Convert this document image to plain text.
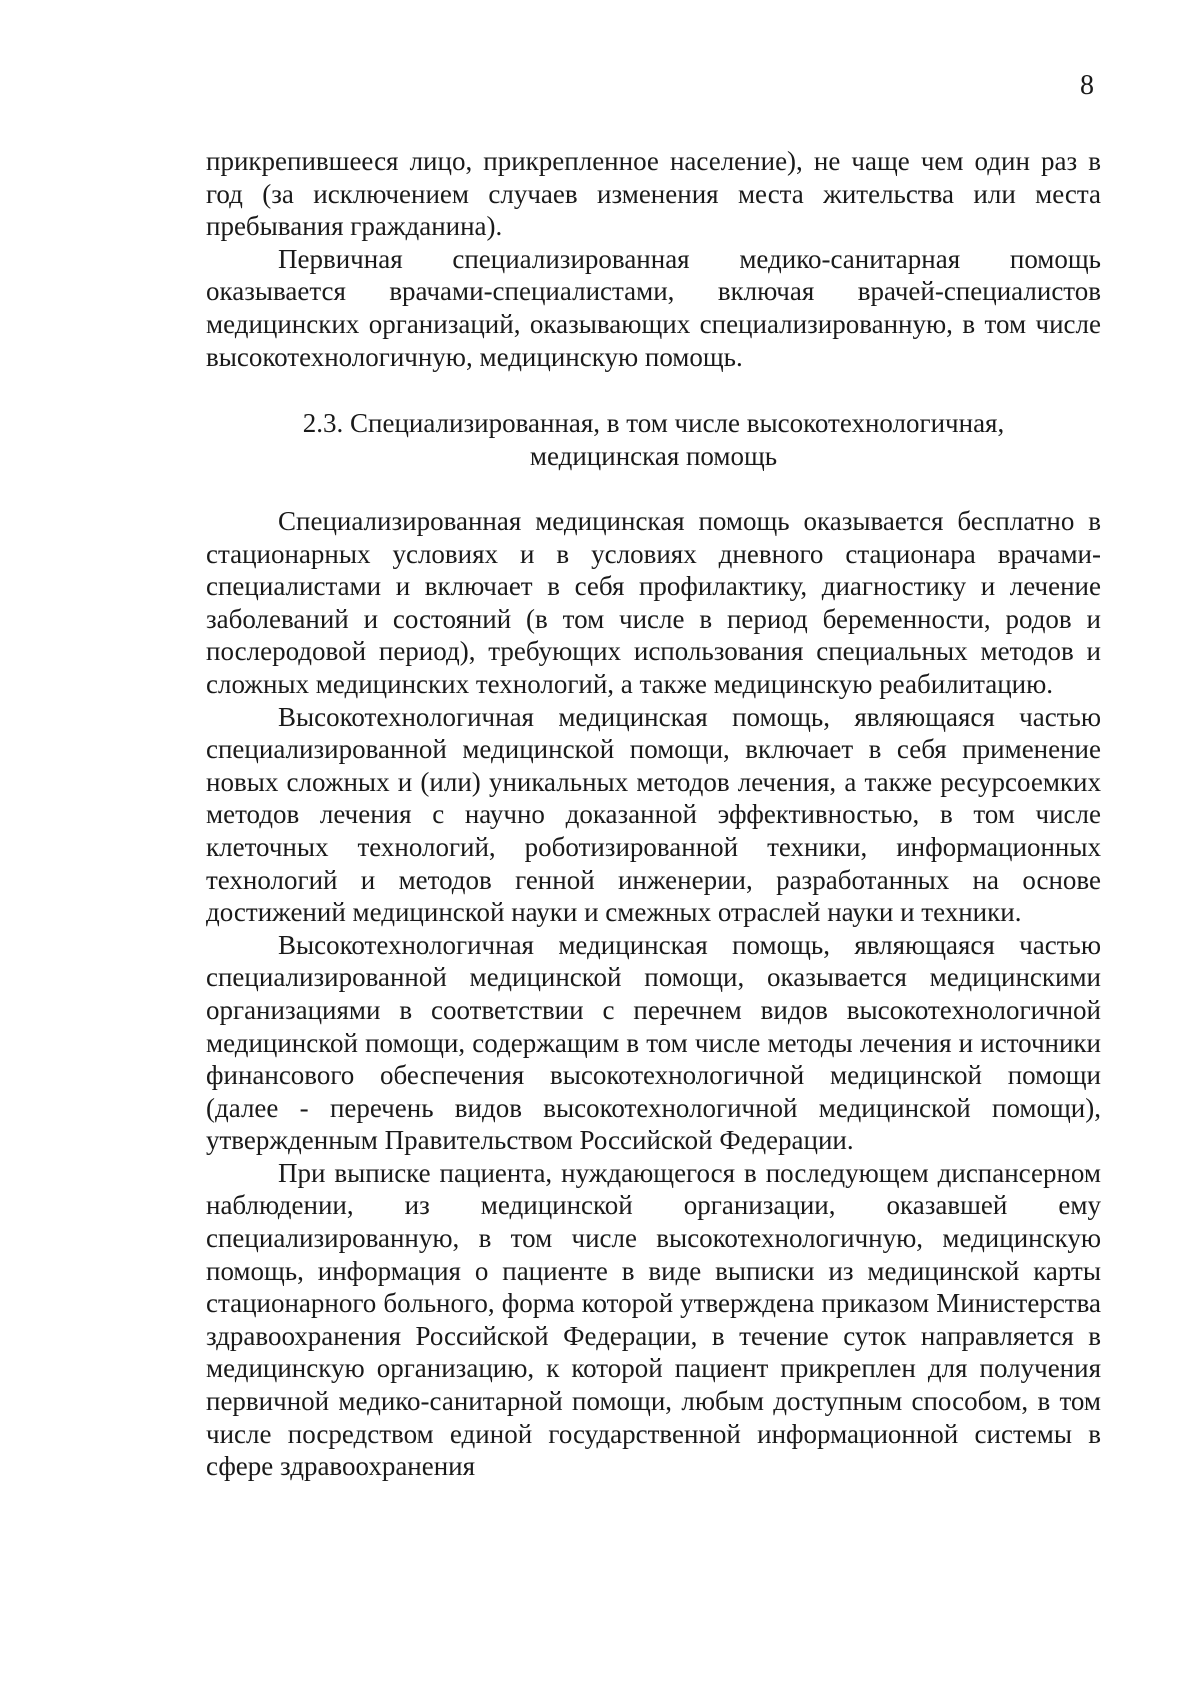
8

прикрепившееся лицо, прикрепленное население), не чаще чем один раз в год (за исключением случаев изменения места жительства или места пребывания гражданина).

Первичная специализированная медико-санитарная помощь оказывается врачами-специалистами, включая врачей-специалистов медицинских организаций, оказывающих специализированную, в том числе высокотехнологичную, медицинскую помощь.

2.3. Специализированная, в том числе высокотехнологичная,
медицинская помощь

Специализированная медицинская помощь оказывается бесплатно в стационарных условиях и в условиях дневного стационара врачами-специалистами и включает в себя профилактику, диагностику и лечение заболеваний и состояний (в том числе в период беременности, родов и послеродовой период), требующих использования специальных методов и сложных медицинских технологий, а также медицинскую реабилитацию.

Высокотехнологичная медицинская помощь, являющаяся частью специализированной медицинской помощи, включает в себя применение новых сложных и (или) уникальных методов лечения, а также ресурсоемких методов лечения с научно доказанной эффективностью, в том числе клеточных технологий, роботизированной техники, информационных технологий и методов генной инженерии, разработанных на основе достижений медицинской науки и смежных отраслей науки и техники.

Высокотехнологичная медицинская помощь, являющаяся частью специализированной медицинской помощи, оказывается медицинскими организациями в соответствии с перечнем видов высокотехнологичной медицинской помощи, содержащим в том числе методы лечения и источники финансового обеспечения высокотехнологичной медицинской помощи (далее - перечень видов высокотехнологичной медицинской помощи), утвержденным Правительством Российской Федерации.

При выписке пациента, нуждающегося в последующем диспансерном наблюдении, из медицинской организации, оказавшей ему специализированную, в том числе высокотехнологичную, медицинскую помощь, информация о пациенте в виде выписки из медицинской карты стационарного больного, форма которой утверждена приказом Министерства здравоохранения Российской Федерации, в течение суток направляется в медицинскую организацию, к которой пациент прикреплен для получения первичной медико-санитарной помощи, любым доступным способом, в том числе посредством единой государственной информационной системы в сфере здравоохранения
